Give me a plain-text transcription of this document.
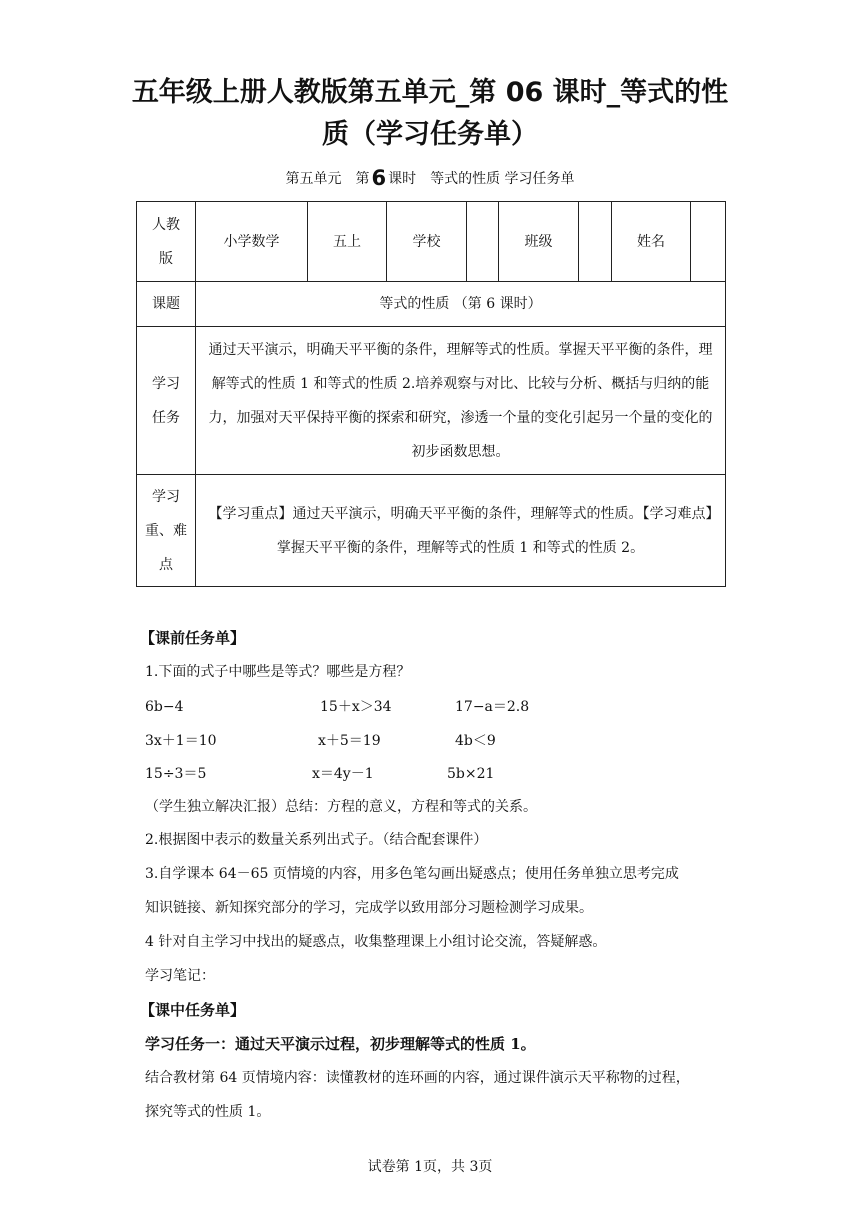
五年级上册人教版第五单元_第 06 课时_等式的性
质（学习任务单）
第五单元　第6 课时　等式的性质 学习任务单
人教版	小学数学	五上	学校		班级		姓名	
课题	等式的性质 （第 6 课时）							

学习任务	通过天平演示，明确天平平衡的条件，理解等式的性质。掌握天平平衡的条件，理解等式的性质 1 和等式的性质 2.培养观察与对比、比较与分析、概括与归纳的能力，加强对天平保持平衡的探索和研究，渗透一个量的变化引起另一个量的变化的初步函数思想。							

学习重、难点	【学习重点】通过天平演示，明确天平平衡的条件，理解等式的性质。【学习难点】掌握天平平衡的条件，理解等式的性质 1 和等式的性质 2。							
【课前任务单】
1.下面的式子中哪些是等式？哪些是方程？
6b−4	15＋x＞34	17−a＝2.8
3x＋1＝10	x＋5＝19	4b＜9
15÷3＝5	x＝4y－1	5b×21
（学生独立解决汇报）总结：方程的意义，方程和等式的关系。
2.根据图中表示的数量关系列出式子。（结合配套课件）
3.自学课本 64－65 页情境的内容，用多色笔勾画出疑惑点；使用任务单独立思考完成
知识链接、新知探究部分的学习，完成学以致用部分习题检测学习成果。
4 针对自主学习中找出的疑惑点，收集整理课上小组讨论交流，答疑解惑。
学习笔记：
【课中任务单】
学习任务一：通过天平演示过程，初步理解等式的性质 1。
结合教材第 64 页情境内容：读懂教材的连环画的内容，通过课件演示天平称物的过程，
探究等式的性质 1。
试卷第 1页，共 3页
